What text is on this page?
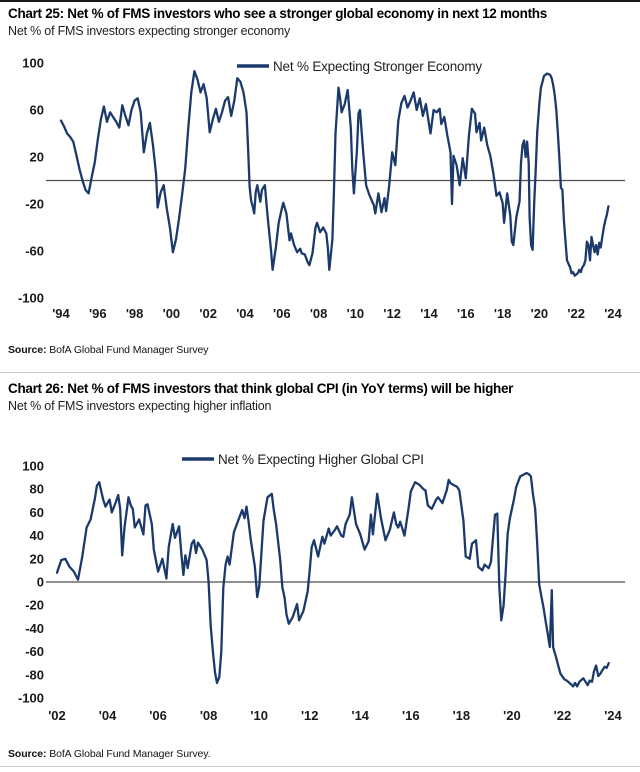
Chart 25: Net % of FMS investors who see a stronger global economy in next 12 months
Net % of FMS investors expecting stronger economy
100
60
20
-20
-60
-100
'94 '96 '98 '00 '02 '04 '06 '08 '10 '12 '14 '16 '18 '20 '22 '24
Net % Expecting Stronger Economy
Source: BofA Global Fund Manager Survey
Chart 26: Net % of FMS investors that think global CPI (in YoY terms) will be higher
Net % of FMS investors expecting higher inflation
100
80
60
40
20
0
-20
-40
-60
-80
-100
'02	'04	'06	'08	'10	'12	'14	'16	'18	'20	'22	'24
Net % Expecting Higher Global CPI
Source: BofA Global Fund Manager Survey.
